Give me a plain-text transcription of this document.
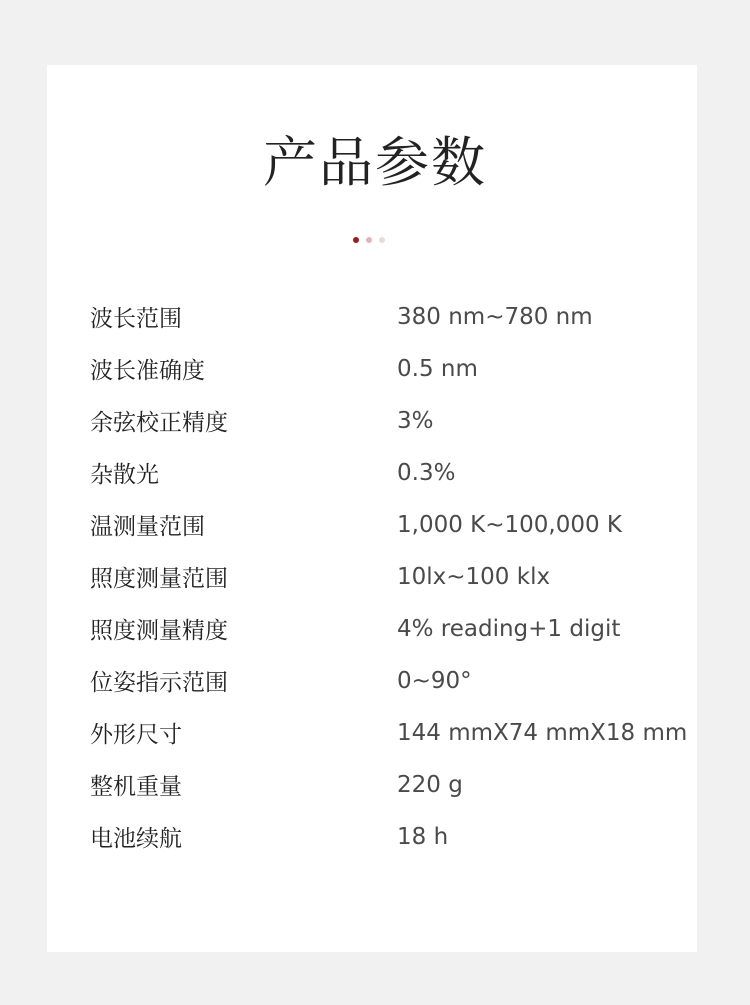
产品参数
波长范围	380 nm~780 nm
波长准确度	0.5 nm
余弦校正精度	3%
杂散光	0.3%
温测量范围	1,000 K~100,000 K
照度测量范围	10lx~100 klx
照度测量精度	4% reading+1 digit
位姿指示范围	0~90°
外形尺寸	144 mmX74 mmX18 mm
整机重量	220 g
电池续航	18 h
